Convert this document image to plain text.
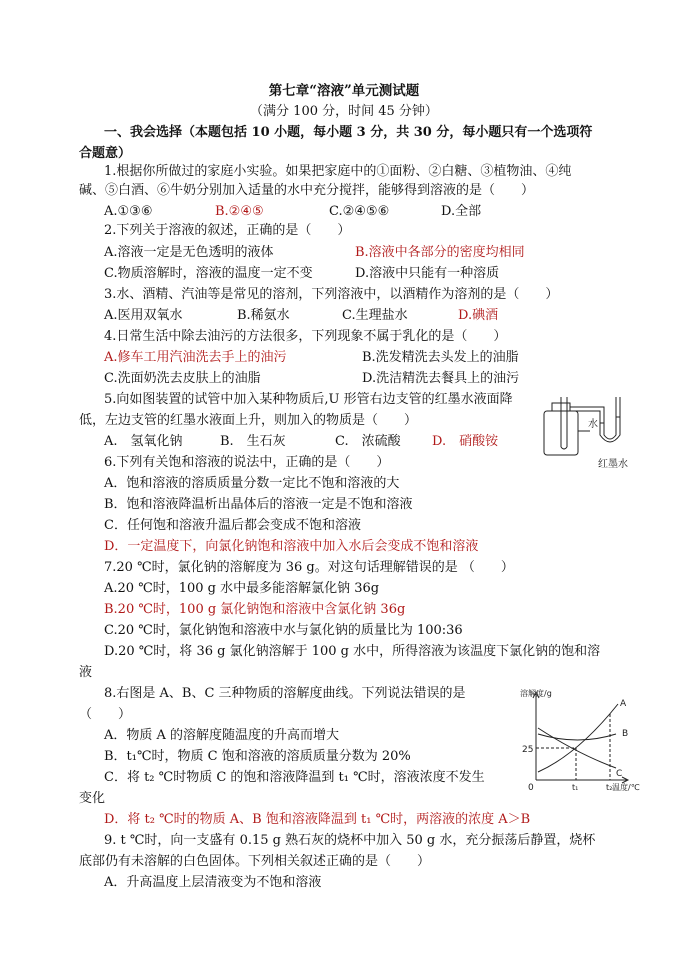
第七章“溶液”单元测试题
（满分 100 分，时间 45 分钟）
一、我会选择（本题包括 10 小题，每小题 3 分，共 30 分，每小题只有一个选项符
合题意）
1.根据你所做过的家庭小实验。如果把家庭中的①面粉、②白糖、③植物油、④纯
碱、⑤白酒、⑥牛奶分别加入适量的水中充分搅拌，能够得到溶液的是（　　）
A.①③⑥	B.②④⑤	C.②④⑤⑥	D.全部
2.下列关于溶液的叙述，正确的是（　　）
A.溶液一定是无色透明的液体	B.溶液中各部分的密度均相同
C.物质溶解时，溶液的温度一定不变	D.溶液中只能有一种溶质
3.水、酒精、汽油等是常见的溶剂，下列溶液中，以酒精作为溶剂的是（　　）
A.医用双氧水	B.稀氨水	C.生理盐水	D.碘酒
4.日常生活中除去油污的方法很多，下列现象不属于乳化的是（　　）
A.修车工用汽油洗去手上的油污	B.洗发精洗去头发上的油脂
C.洗面奶洗去皮肤上的油脂	D.洗洁精洗去餐具上的油污
5.向如图装置的试管中加入某种物质后,U 形管右边支管的红墨水液面降
低，左边支管的红墨水液面上升，则加入的物质是（　　）
A.　氢氧化钠	B.　生石灰	C.　浓硫酸 D.　硝酸铵
水
红墨水
6.下列有关饱和溶液的说法中，正确的是（　　）
A．饱和溶液的溶质质量分数一定比不饱和溶液的大
B．饱和溶液降温析出晶体后的溶液一定是不饱和溶液
C．任何饱和溶液升温后都会变成不饱和溶液
D．一定温度下，向氯化钠饱和溶液中加入水后会变成不饱和溶液
7.20 ℃时，氯化钠的溶解度为 36 g。对这句话理解错误的是 （　　）
A.20 ℃时，100 g 水中最多能溶解氯化钠 36g
B.20 ℃时，100 g 氯化钠饱和溶液中含氯化钠 36g
C.20 ℃时，氯化钠饱和溶液中水与氯化钠的质量比为 100:36
D.20 ℃时，将 36 g 氯化钠溶解于 100 g 水中，所得溶液为该温度下氯化钠的饱和溶
液
8.右图是 A、B、C 三种物质的溶解度曲线。下列说法错误的是
（　　）
A．物质 A 的溶解度随温度的升高而增大
B．t₁℃时，物质 C 饱和溶液的溶质质量分数为 20%
C．将 t₂ ℃时物质 C 的饱和溶液降温到 t₁ ℃时，溶液浓度不发生
变化
D．将 t₂ ℃时的物质 A、B 饱和溶液降温到 t₁ ℃时，两溶液的浓度 A＞B
溶解度/g
25
0	t₁	t₂ 温度/℃
A
B
C
9. t ℃时，向一支盛有 0.15 g 熟石灰的烧杯中加入 50 g 水，充分振荡后静置，烧杯
底部仍有未溶解的白色固体。下列相关叙述正确的是（　　）
A．升高温度上层清液变为不饱和溶液
